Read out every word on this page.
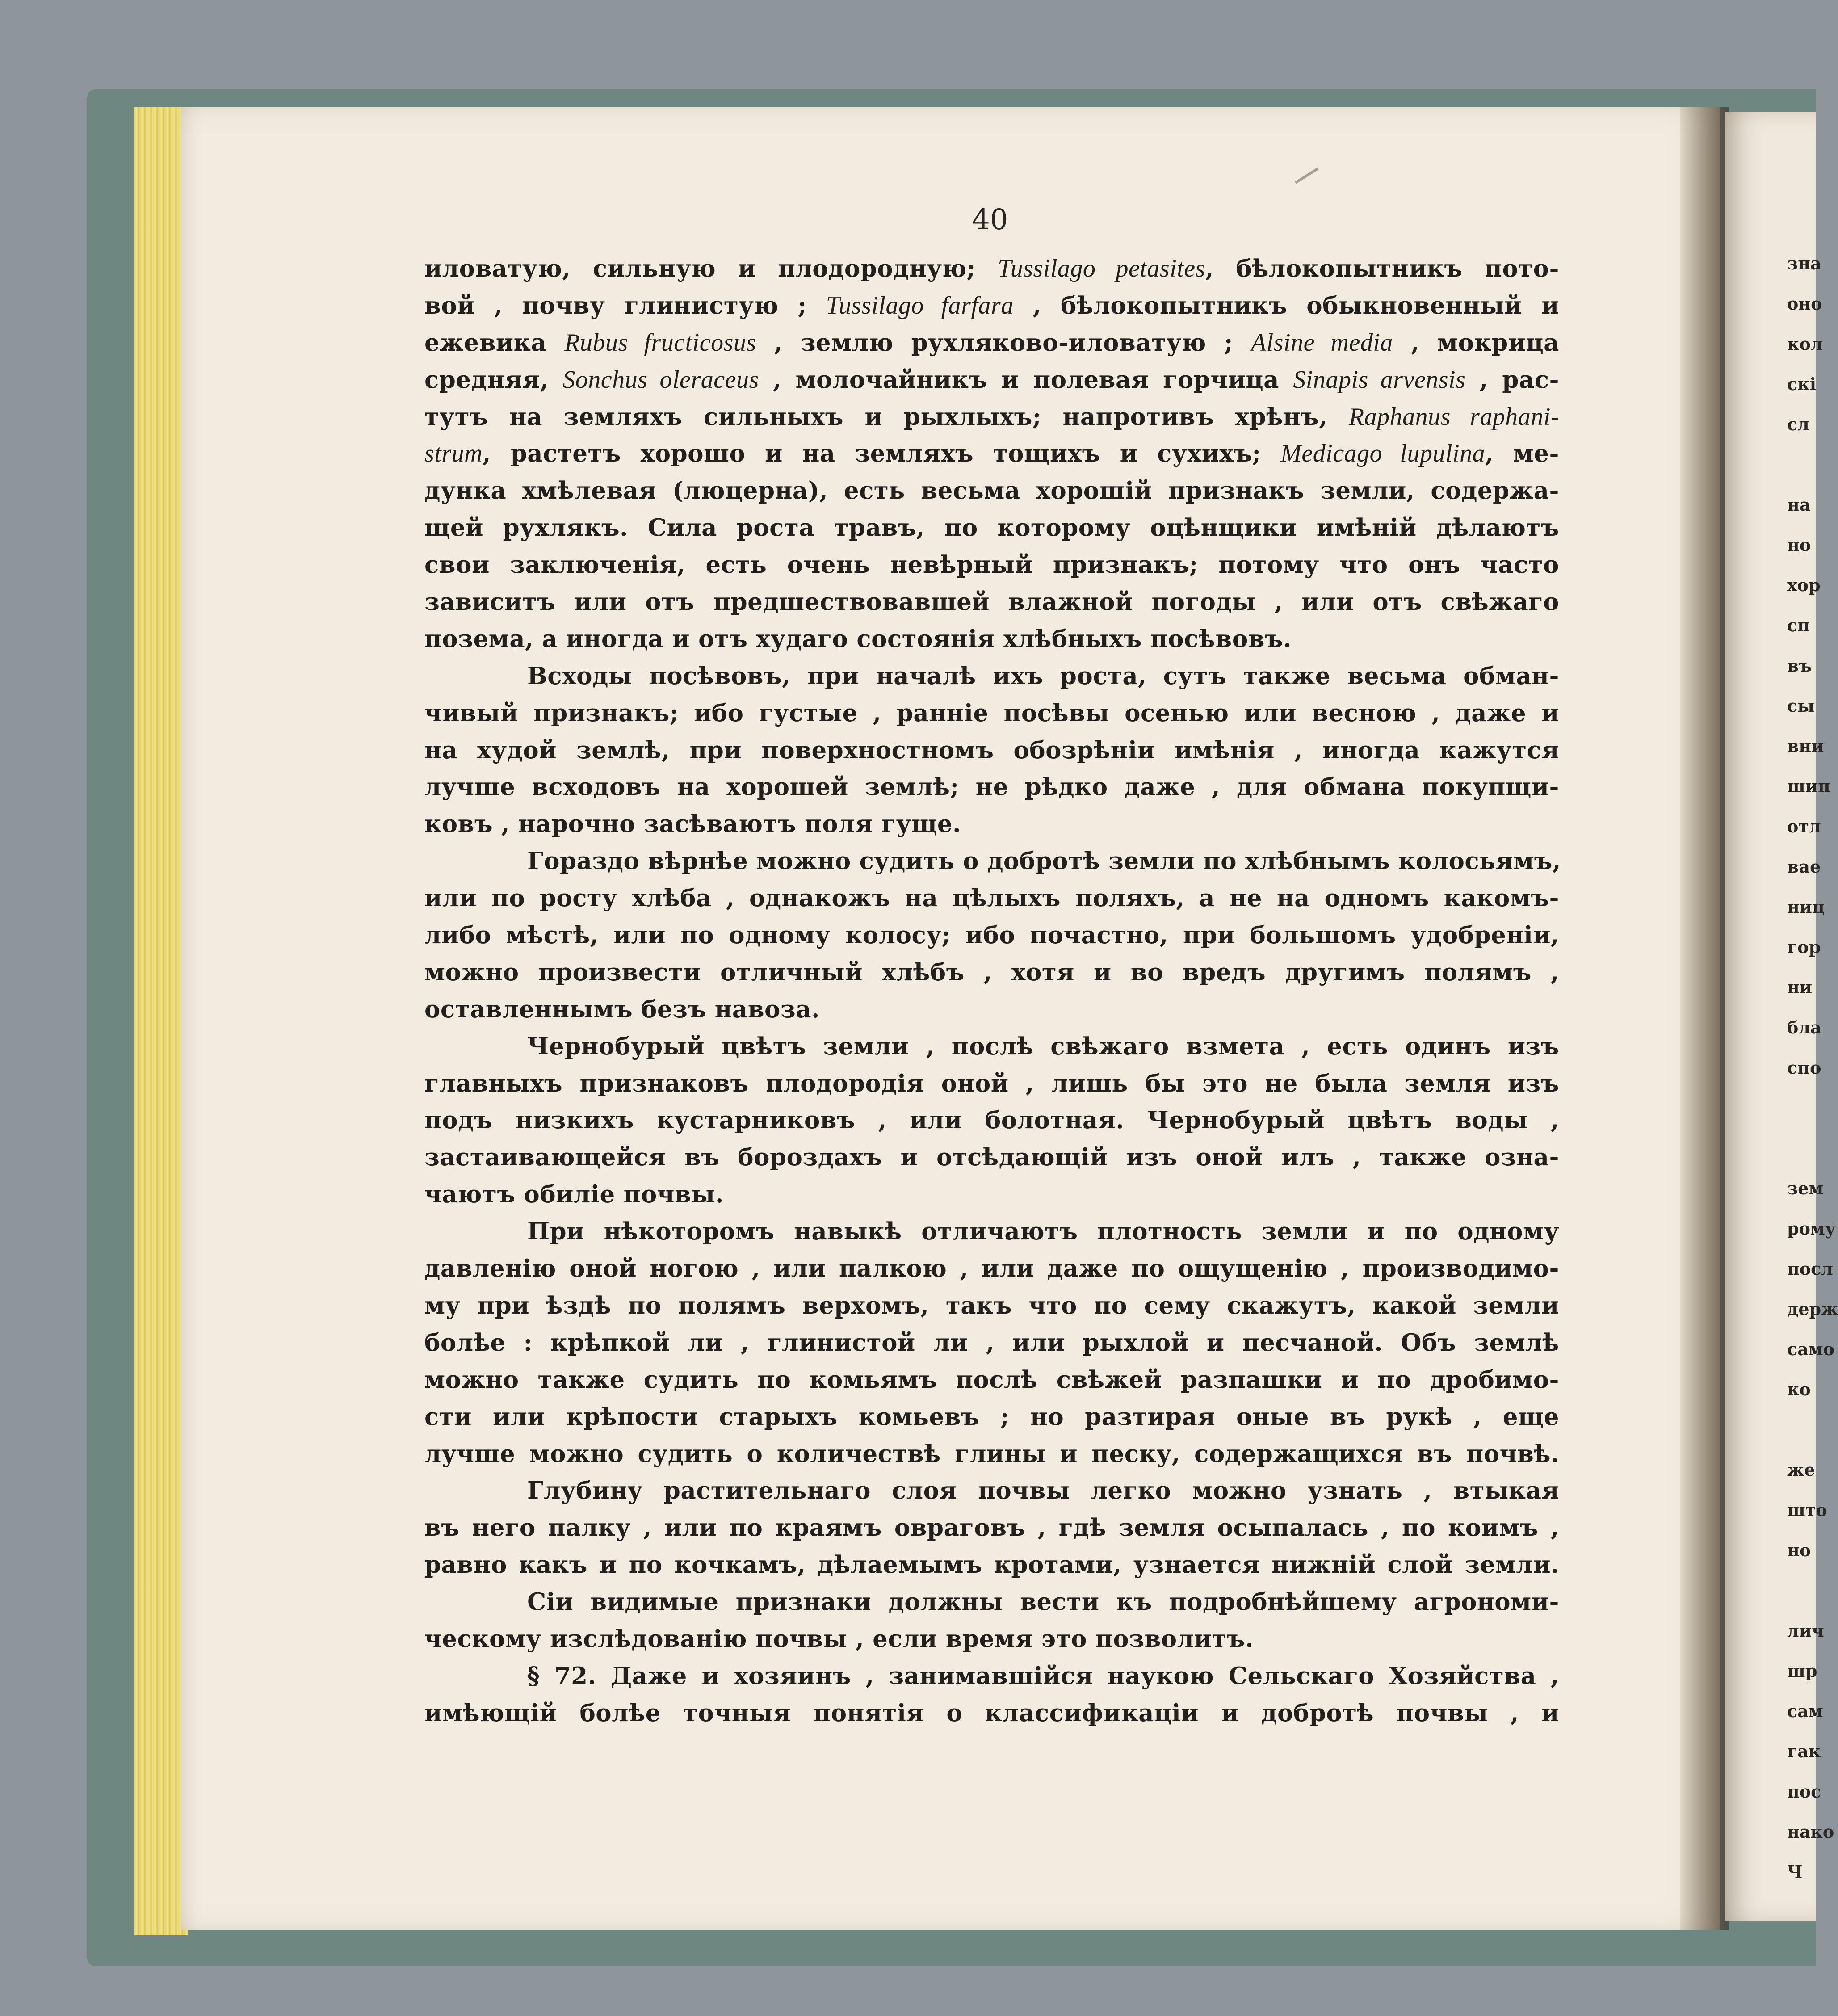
40
иловатую, сильную и плодородную; Tussilago petasites, бѣлокопытникъ пото-
вой , почву глинистую ; Tussilago farfara , бѣлокопытникъ обыкновенный и
ежевика Rubus fructicosus , землю рухляково-иловатую ; Alsine media , мокрица
средняя, Sonchus oleraceus , молочайникъ и полевая горчица Sinapis arvensis , рас-
тутъ на земляхъ сильныхъ и рыхлыхъ; напротивъ хрѣнъ, Raphanus raphani-
strum, растетъ хорошо и на земляхъ тощихъ и сухихъ; Medicago lupulina, ме-
дунка хмѣлевая (люцерна), есть весьма хорошій признакъ земли, содержа-
щей рухлякъ. Сила роста травъ, по которому оцѣнщики имѣній дѣлаютъ
свои заключенія, есть очень невѣрный признакъ; потому что онъ часто
зависитъ или отъ предшествовавшей влажной погоды , или отъ свѣжаго
позема, а иногда и отъ худаго состоянія хлѣбныхъ посѣвовъ.
Всходы посѣвовъ, при началѣ ихъ роста, сутъ также весьма обман-
чивый признакъ; ибо густые , ранніе посѣвы осенью или весною , даже и
на худой землѣ, при поверхностномъ обозрѣніи имѣнія , иногда кажутся
лучше всходовъ на хорошей землѣ; не рѣдко даже , для обмана покупщи-
ковъ , нарочно засѣваютъ поля гуще.
Гораздо вѣрнѣе можно судить о добротѣ земли по хлѣбнымъ колосьямъ,
или по росту хлѣба , однакожъ на цѣлыхъ поляхъ, а не на одномъ какомъ-
либо мѣстѣ, или по одному колосу; ибо почастно, при большомъ удобреніи,
можно произвести отличный хлѣбъ , хотя и во вредъ другимъ полямъ ,
оставленнымъ безъ навоза.
Чернобурый цвѣтъ земли , послѣ свѣжаго взмета , есть одинъ изъ
главныхъ признаковъ плодородія оной , лишь бы это не была земля изъ
подъ низкихъ кустарниковъ , или болотная. Чернобурый цвѣтъ воды ,
застаивающейся въ бороздахъ и отсѣдающій изъ оной илъ , также озна-
чаютъ обиліе почвы.
При нѣкоторомъ навыкѣ отличаютъ плотность земли и по одному
давленію оной ногою , или палкою , или даже по ощущенію , производимо-
му при ѣздѣ по полямъ верхомъ, такъ что по сему скажутъ, какой земли
болѣе : крѣпкой ли , глинистой ли , или рыхлой и песчаной. Объ землѣ
можно также судить по комьямъ послѣ свѣжей разпашки и по дробимо-
сти или крѣпости старыхъ комьевъ ; но разтирая оные въ рукѣ , еще
лучше можно судить о количествѣ глины и песку, содержащихся въ почвѣ.
Глубину растительнаго слоя почвы легко можно узнать , втыкая
въ него палку , или по краямъ овраговъ , гдѣ земля осыпалась , по коимъ ,
равно какъ и по кочкамъ, дѣлаемымъ кротами, узнается нижній слой земли.
Сіи видимые признаки должны вести къ подробнѣйшему агрономи-
ческому изслѣдованію почвы , если время это позволитъ.
§ 72. Даже и хозяинъ , занимавшійся наукою Сельскаго Хозяйства ,
имѣющій болѣе точныя понятія о классификаціи и добротѣ почвы , и
зна
оно
кол
скі
сл
на
но
хор
сп
въ
сы
вни
шип
отл
вае
ниц
гор
ни
бла
спо
зем
рому
посл
держ
само
ко
же
што
но
лич
шр
сам
гак
пос
нако
Ч
